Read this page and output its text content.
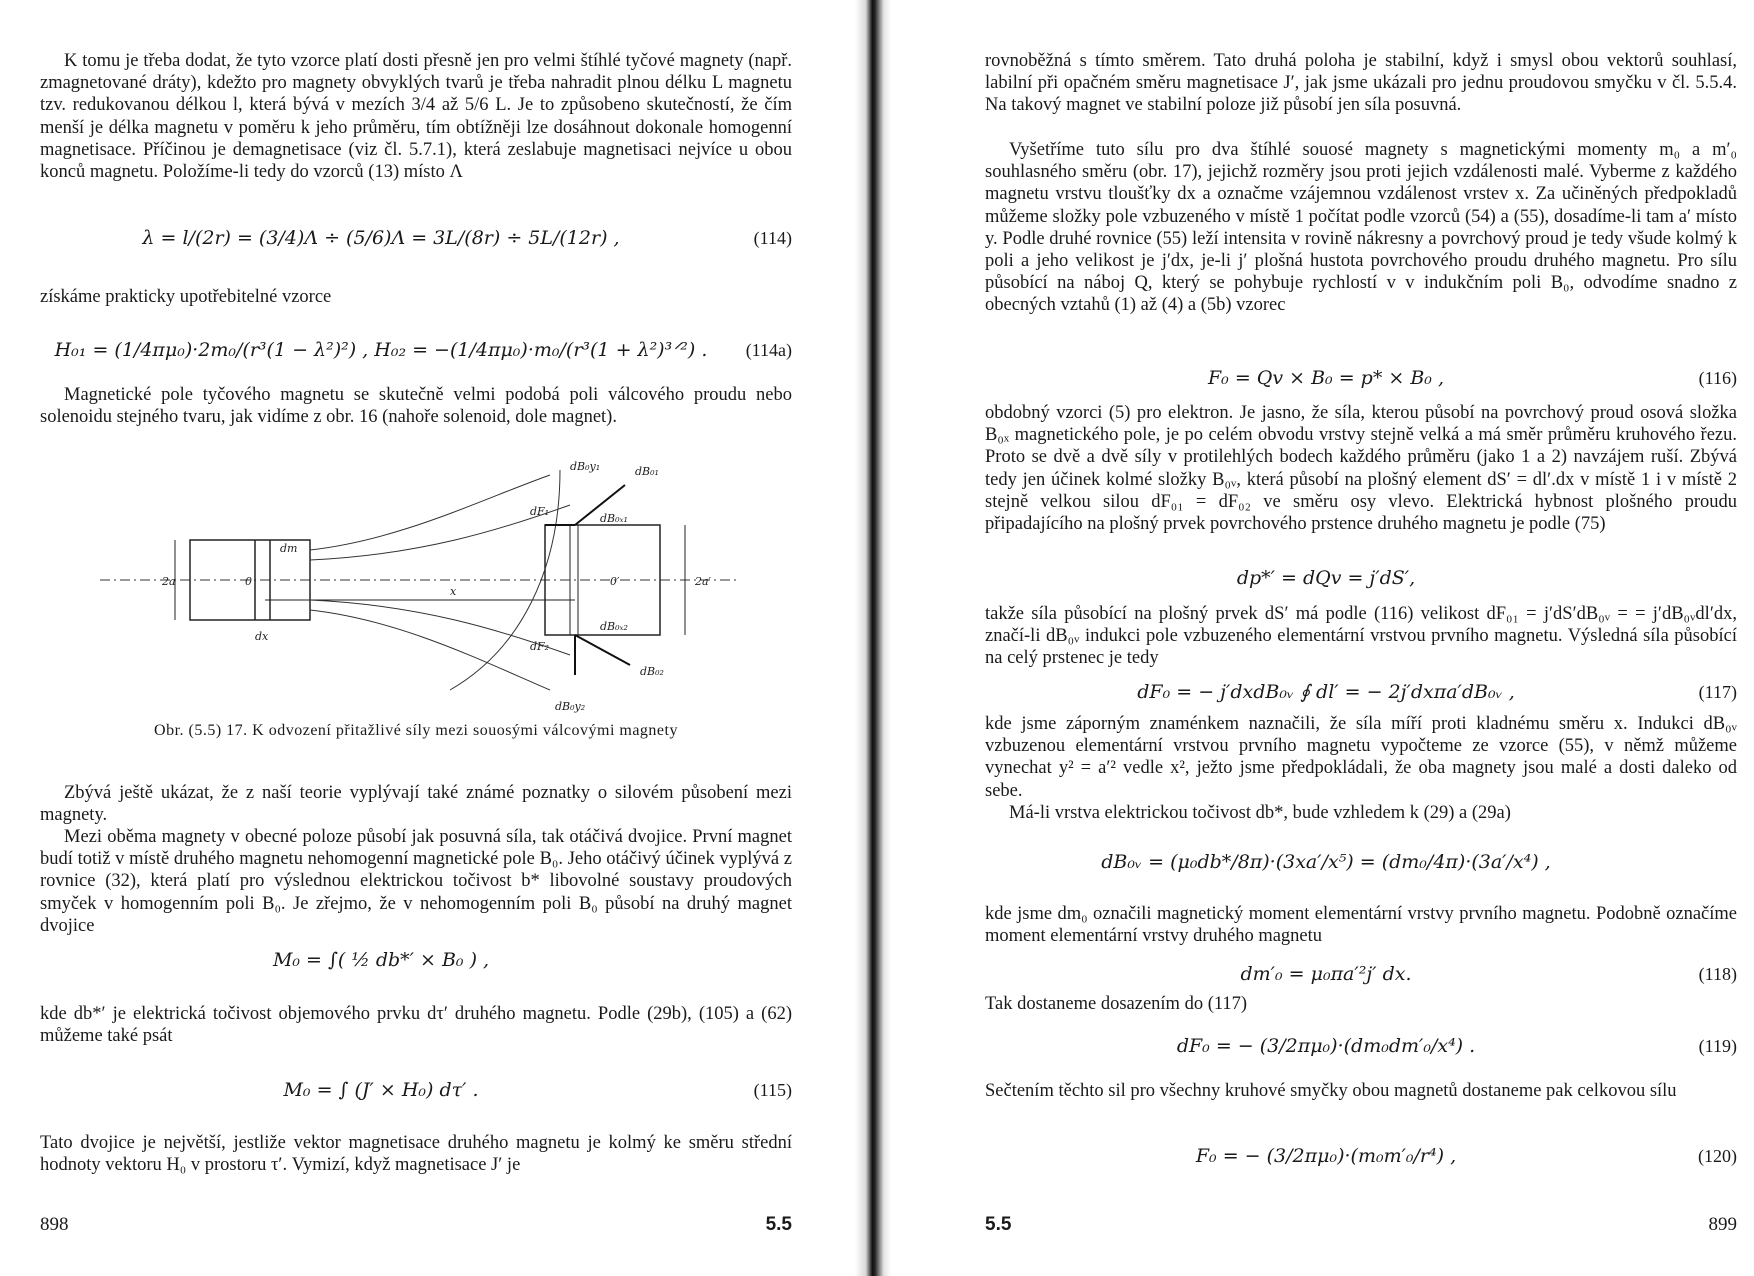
K tomu je třeba dodat, že tyto vzorce platí dosti přesně jen pro velmi štíhlé tyčové magnety (např. zmagnetované dráty), kdežto pro magnety obvyklých tvarů je třeba nahradit plnou délku L magnetu tzv. redukovanou délkou l, která bývá v mezích 3/4 až 5/6 L. Je to způsobeno skutečností, že čím menší je délka magnetu v poměru k jeho průměru, tím obtížněji lze dosáhnout dokonale homogenní magnetisace. Příčinou je demagnetisace (viz čl. 5.7.1), která zeslabuje magnetisaci nejvíce u obou konců magnetu. Položíme-li tedy do vzorců (13) místo Λ

λ = l/(2r) = (3/4)Λ ÷ (5/6)Λ = 3L/(8r) ÷ 5L/(12r) ,	(114)

získáme prakticky upotřebitelné vzorce

H₀₁ = (1/4πμ₀)·2m₀/(r³(1 − λ²)²) , H₀₂ = −(1/4πμ₀)·m₀/(r³(1 + λ²)³ᐟ²) .	(114a)

Magnetické pole tyčového magnetu se skutečně velmi podobá poli válcového proudu nebo solenoidu stejného tvaru, jak vidíme z obr. 16 (nahoře solenoid, dole magnet).

dB₀y₁	dB₀₁
dF₁
dB₀ₓ₁
dm
2a	0
x
0′	2a′
dx
dB₀ₓ₂
dF₂
dB₀y₂
dB₀₂
Obr. (5.5) 17. K odvození přitažlivé síly mezi souosými válcovými magnety

Zbývá ještě ukázat, že z naší teorie vyplývají také známé poznatky o silovém působení mezi magnety.

Mezi oběma magnety v obecné poloze působí jak posuvná síla, tak otáčivá dvojice. První magnet budí totiž v místě druhého magnetu nehomogenní magnetické pole B₀. Jeho otáčivý účinek vyplývá z rovnice (32), která platí pro výslednou elektrickou točivost b* libovolné soustavy proudových smyček v homogenním poli B₀. Je zřejmo, že v nehomogenním poli B₀ působí na druhý magnet dvojice

M₀ = ∫( ½ db*′ × B₀ ) ,

kde db*′ je elektrická točivost objemového prvku dτ′ druhého magnetu. Podle (29b), (105) a (62) můžeme také psát

M₀ = ∫ (J′ × H₀) dτ′ .	(115)

Tato dvojice je největší, jestliže vektor magnetisace druhého magnetu je kolmý ke směru střední hodnoty vektoru H₀ v prostoru τ′. Vymizí, když magnetisace J′ je

898	5.5

rovnoběžná s tímto směrem. Tato druhá poloha je stabilní, když i smysl obou vektorů souhlasí, labilní při opačném směru magnetisace J′, jak jsme ukázali pro jednu proudovou smyčku v čl. 5.5.4. Na takový magnet ve stabilní poloze již působí jen síla posuvná.

Vyšetříme tuto sílu pro dva štíhlé souosé magnety s magnetickými momenty m₀ a m′₀ souhlasného směru (obr. 17), jejichž rozměry jsou proti jejich vzdálenosti malé. Vyberme z každého magnetu vrstvu tloušťky dx a označme vzájemnou vzdálenost vrstev x. Za učiněných předpokladů můžeme složky pole vzbuzeného v místě 1 počítat podle vzorců (54) a (55), dosadíme-li tam a′ místo y. Podle druhé rovnice (55) leží intensita v rovině nákresny a povrchový proud je tedy všude kolmý k poli a jeho velikost je j′dx, je-li j′ plošná hustota povrchového proudu druhého magnetu. Pro sílu působící na náboj Q, který se pohybuje rychlostí v v indukčním poli B₀, odvodíme snadno z obecných vztahů (1) až (4) a (5b) vzorec

F₀ = Qv × B₀ = p* × B₀ ,	(116)

obdobný vzorci (5) pro elektron. Je jasno, že síla, kterou působí na povrchový proud osová složka B₀ₓ magnetického pole, je po celém obvodu vrstvy stejně velká a má směr průměru kruhového řezu. Proto se dvě a dvě síly v protilehlých bodech každého průměru (jako 1 a 2) navzájem ruší. Zbývá tedy jen účinek kolmé složky B₀ᵥ, která působí na plošný element dS′ = dl′.dx v místě 1 i v místě 2 stejně velkou silou dF₀₁ = dF₀₂ ve směru osy vlevo. Elektrická hybnost plošného proudu připadajícího na plošný prvek povrchového prstence druhého magnetu je podle (75)

dp*′ = dQv = j′dS′,

takže síla působící na plošný prvek dS′ má podle (116) velikost dF₀₁ = j′dS′dB₀ᵥ = = j′dB₀ᵥdl′dx, značí-li dB₀ᵥ indukci pole vzbuzeného elementární vrstvou prvního magnetu. Výsledná síla působící na celý prstenec je tedy

dF₀ = − j′dxdB₀ᵥ ∮ dl′ = − 2j′dxπa′dB₀ᵥ ,	(117)

kde jsme záporným znaménkem naznačili, že síla míří proti kladnému směru x. Indukci dB₀ᵥ vzbuzenou elementární vrstvou prvního magnetu vypočteme ze vzorce (55), v němž můžeme vynechat y² = a′² vedle x², ježto jsme předpokládali, že oba magnety jsou malé a dosti daleko od sebe.

Má-li vrstva elektrickou točivost db*, bude vzhledem k (29) a (29a)

dB₀ᵥ = (μ₀db*/8π)·(3xa′/x⁵) = (dm₀/4π)·(3a′/x⁴) ,

kde jsme dm₀ označili magnetický moment elementární vrstvy prvního magnetu. Podobně označíme moment elementární vrstvy druhého magnetu

dm′₀ = μ₀πa′²j′ dx.	(118)

Tak dostaneme dosazením do (117)

dF₀ = − (3/2πμ₀)·(dm₀dm′₀/x⁴) .	(119)

Sečtením těchto sil pro všechny kruhové smyčky obou magnetů dostaneme pak celkovou sílu

F₀ = − (3/2πμ₀)·(m₀m′₀/r⁴) ,	(120)
5.5	899
